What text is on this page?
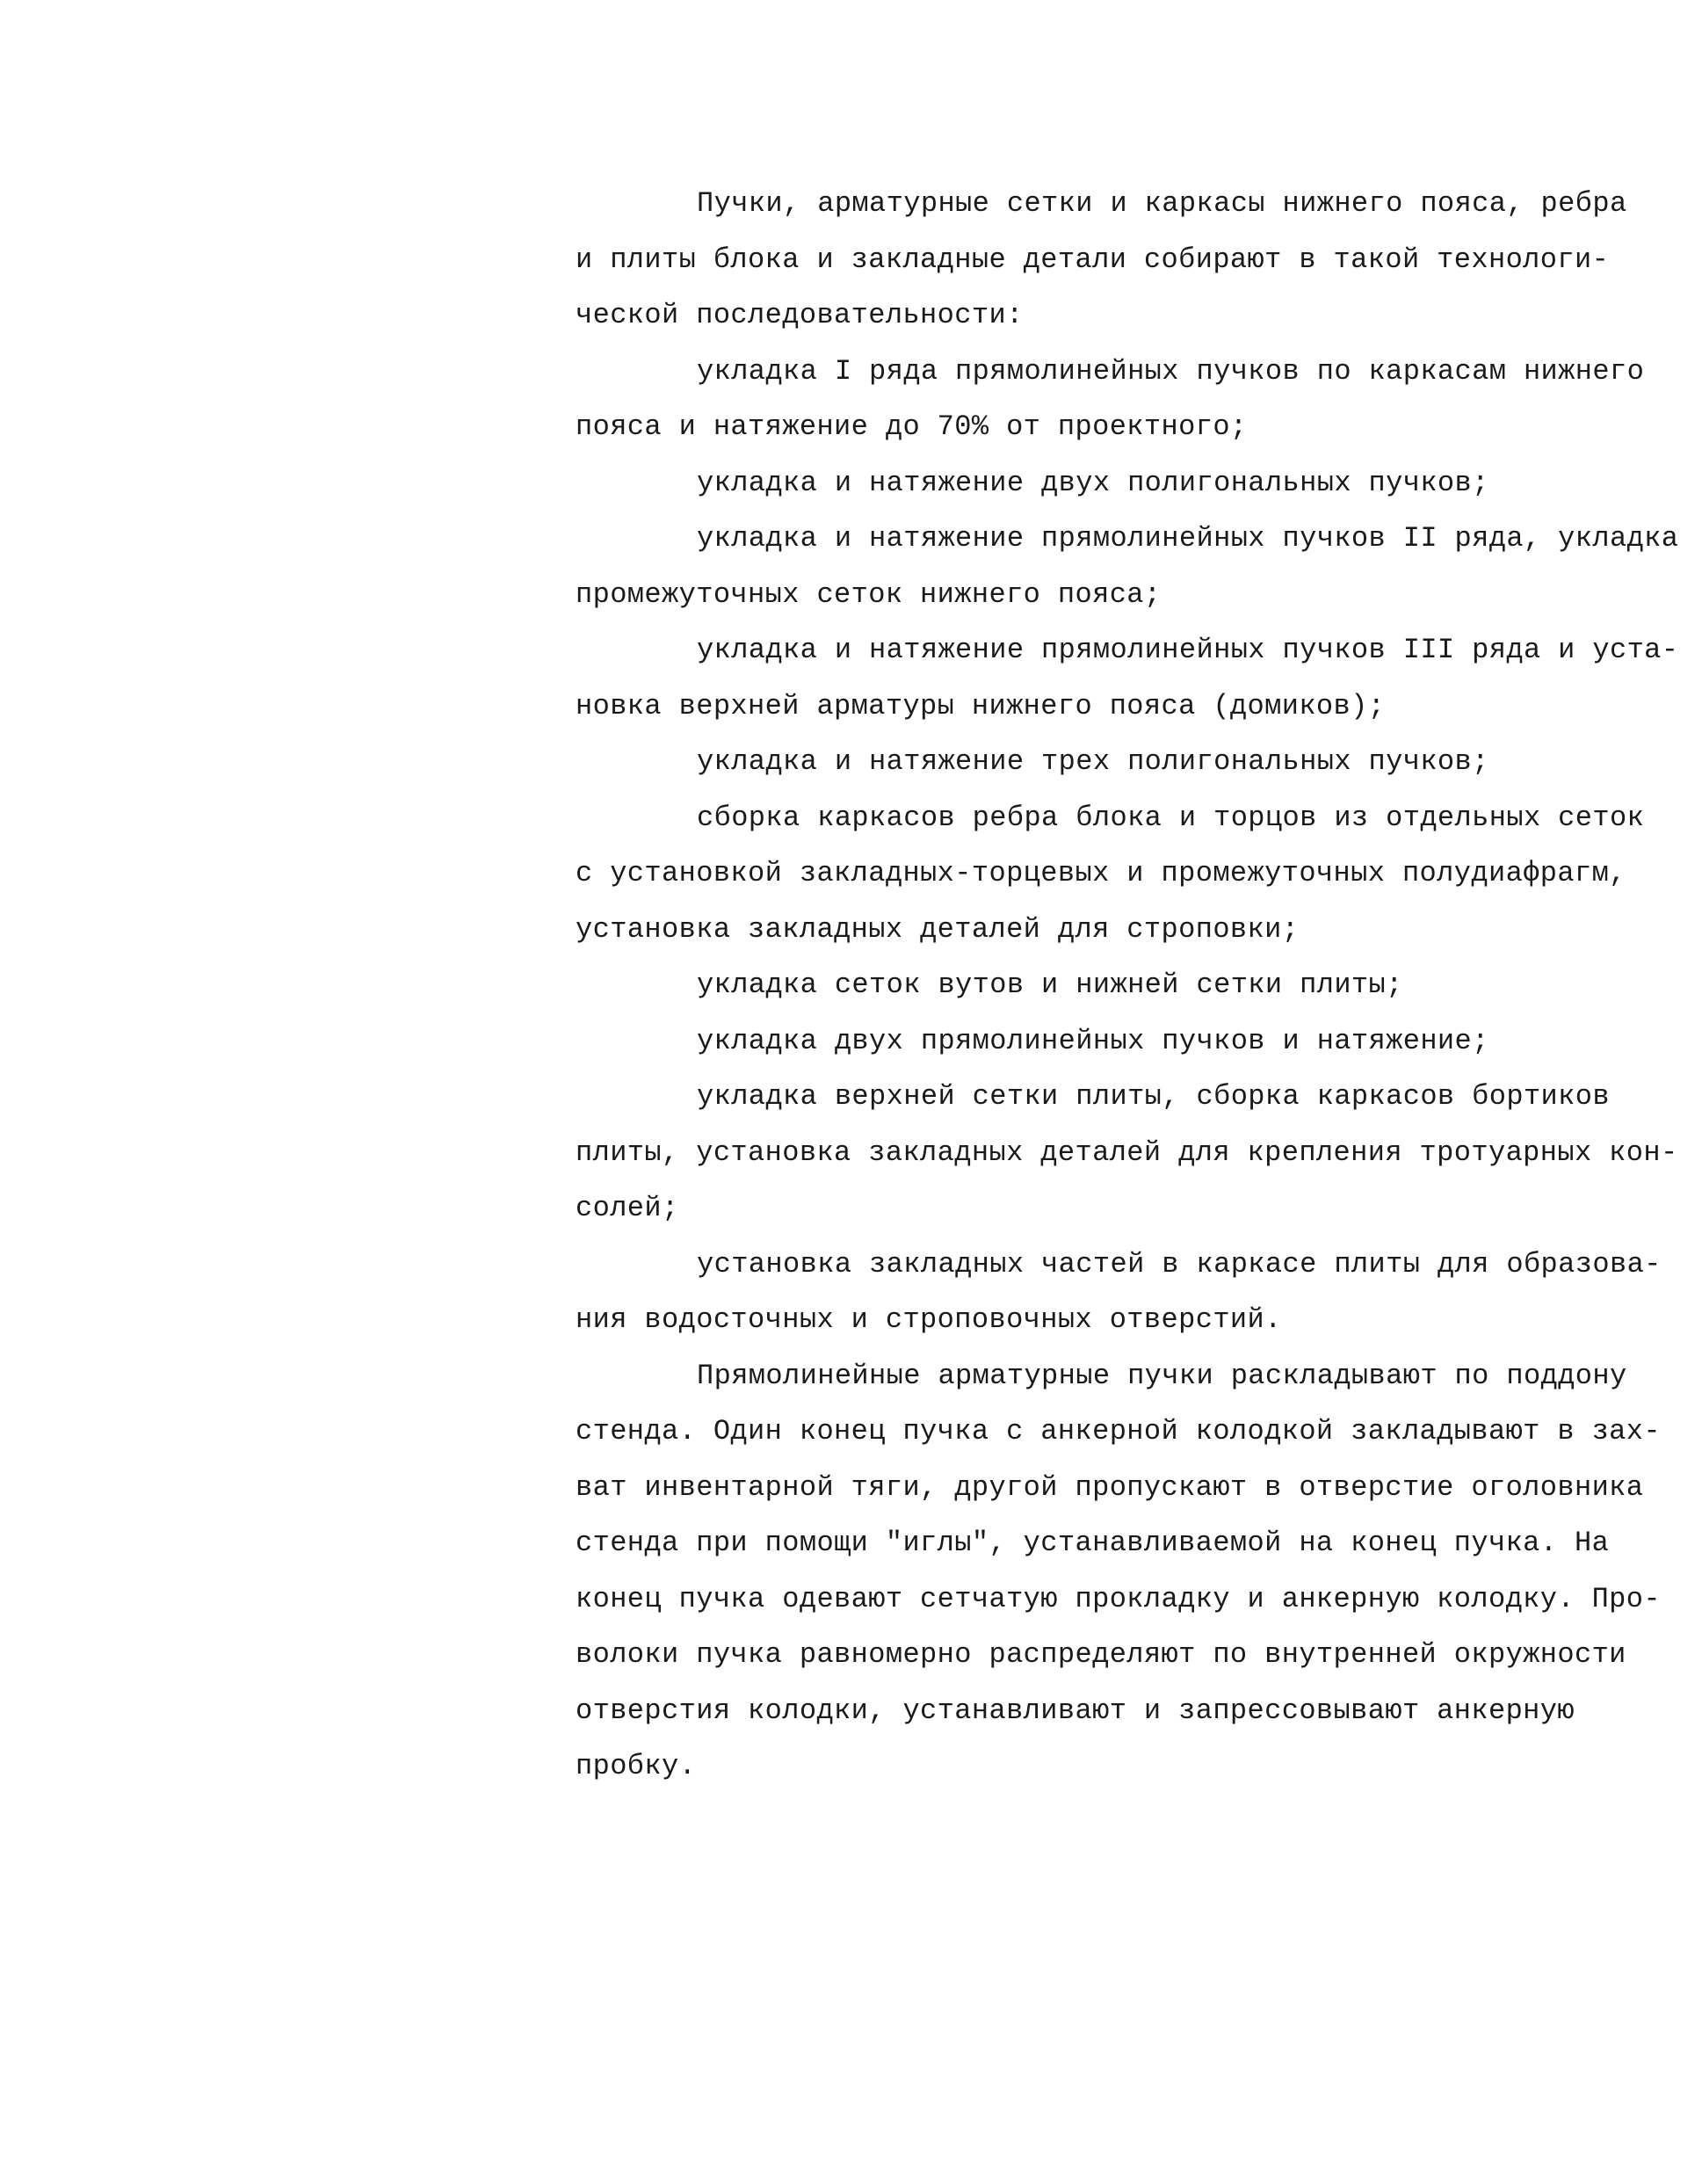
Пучки, арматурные сетки и каркасы нижнего пояса, ребра
и плиты блока и закладные детали собирают в такой технологи-
ческой последовательности:
укладка I ряда прямолинейных пучков по каркасам нижнего
пояса и натяжение до 70% от проектного;
укладка и натяжение двух полигональных пучков;
укладка и натяжение прямолинейных пучков II ряда, укладка
промежуточных сеток нижнего пояса;
укладка и натяжение прямолинейных пучков III ряда и уста-
новка верхней арматуры нижнего пояса (домиков);
укладка и натяжение трех полигональных пучков;
сборка каркасов ребра блока и торцов из отдельных сеток
с установкой закладных-торцевых и промежуточных полудиафрагм,
установка закладных деталей для строповки;
укладка сеток вутов и нижней сетки плиты;
укладка двух прямолинейных пучков и натяжение;
укладка верхней сетки плиты, сборка каркасов бортиков
плиты, установка закладных деталей для крепления тротуарных кон-
солей;
установка закладных частей в каркасе плиты для образова-
ния водосточных и строповочных отверстий.
Прямолинейные арматурные пучки раскладывают по поддону
стенда. Один конец пучка с анкерной колодкой закладывают в зах-
ват инвентарной тяги, другой пропускают в отверстие оголовника
стенда при помощи "иглы", устанавливаемой на конец пучка. На
конец пучка одевают сетчатую прокладку и анкерную колодку. Про-
волоки пучка равномерно распределяют по внутренней окружности
отверстия колодки, устанавливают и запрессовывают анкерную
пробку.
